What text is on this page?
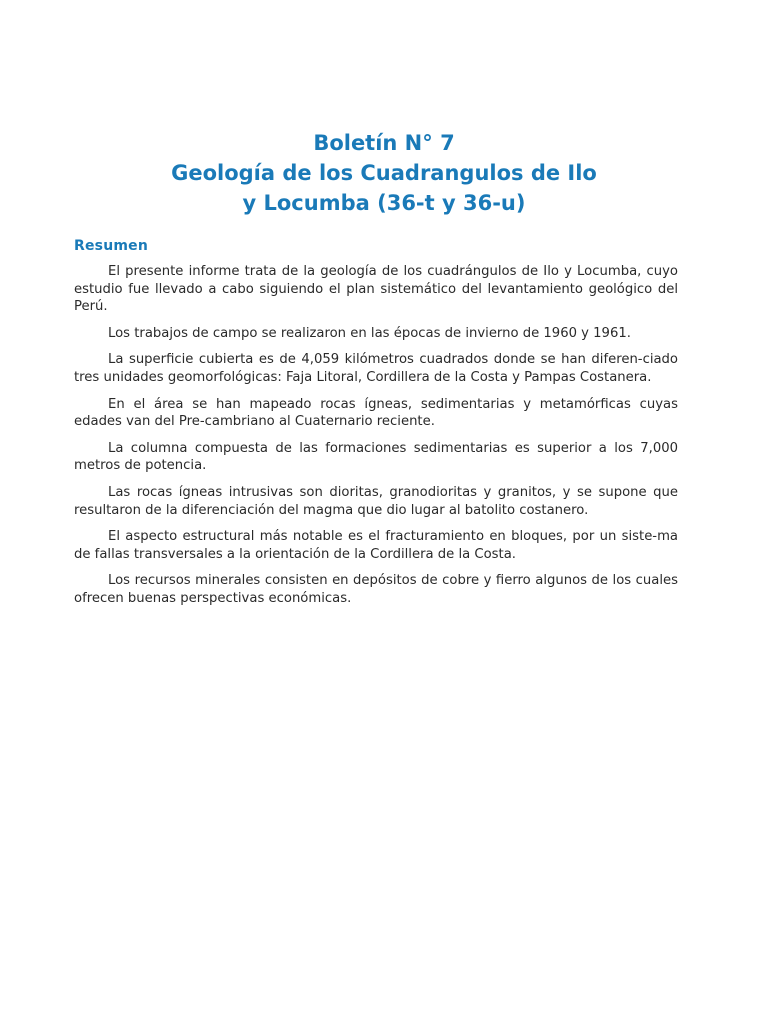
Boletín N° 7
Geología de los Cuadrangulos de Ilo
y Locumba (36-t y 36-u)
Resumen

El presente informe trata de la geología de los cuadrángulos de Ilo y Locumba, cuyo estudio fue llevado a cabo siguiendo el plan sistemático del levantamiento geológico del Perú.

Los trabajos de campo se realizaron en las épocas de invierno de 1960 y 1961.

La superficie cubierta es de 4,059 kilómetros cuadrados donde se han diferen-ciado tres unidades geomorfológicas: Faja Litoral, Cordillera de la Costa y Pampas Costanera.

En el área se han mapeado rocas ígneas, sedimentarias y metamórficas cuyas edades van del Pre-cambriano al Cuaternario reciente.

La columna compuesta de las formaciones sedimentarias es superior a los 7,000 metros de potencia.

Las rocas ígneas intrusivas son dioritas, granodioritas y granitos, y se supone que resultaron de la diferenciación del magma que dio lugar al batolito costanero.

El aspecto estructural más notable es el fracturamiento en bloques, por un siste-ma de fallas transversales a la orientación de la Cordillera de la Costa.

Los recursos minerales consisten en depósitos de cobre y fierro algunos de los cuales ofrecen buenas perspectivas económicas.
